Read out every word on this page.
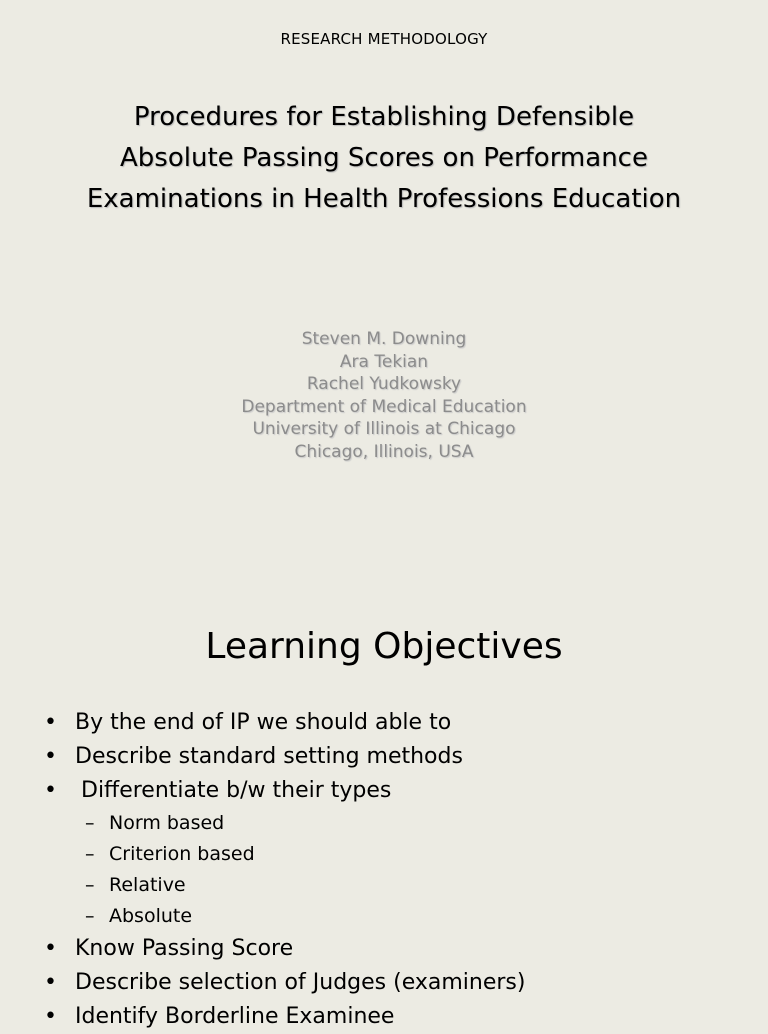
RESEARCH METHODOLOGY
Procedures for Establishing Defensible Absolute Passing Scores on Performance Examinations in Health Professions Education
Steven M. Downing
Ara Tekian
Rachel Yudkowsky
Department of Medical Education
University of Illinois at Chicago
Chicago, Illinois, USA
Learning Objectives
• By the end of IP we should able to
• Describe standard setting methods
• Differentiate b/w their types
– Norm based
– Criterion based
– Relative
– Absolute
• Know Passing Score
• Describe selection of Judges (examiners)
• Identify Borderline Examinee
